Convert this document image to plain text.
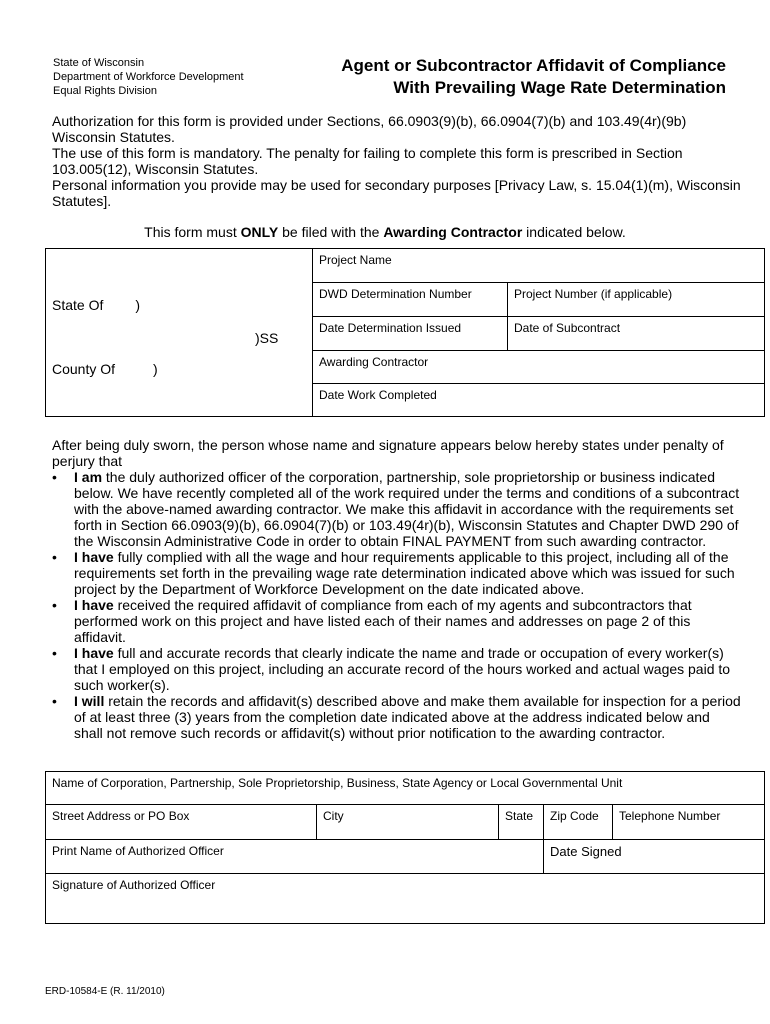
State of Wisconsin
Department of Workforce Development
Equal Rights Division
Agent or Subcontractor Affidavit of Compliance
With Prevailing Wage Rate Determination
Authorization for this form is provided under Sections, 66.0903(9)(b), 66.0904(7)(b) and 103.49(4r)(9b) Wisconsin Statutes.
The use of this form is mandatory. The penalty for failing to complete this form is prescribed in Section 103.005(12), Wisconsin Statutes.
Personal information you provide may be used for secondary purposes [Privacy Law, s. 15.04(1)(m), Wisconsin Statutes].
This form must ONLY be filed with the Awarding Contractor indicated below.
Project Name
DWD Determination Number	Project Number (if applicable)
Date Determination Issued	Date of Subcontract
Awarding Contractor
Date Work Completed
State Of )
)SS
County Of	)
After being duly sworn, the person whose name and signature appears below hereby states under penalty of perjury that
• I am the duly authorized officer of the corporation, partnership, sole proprietorship or business indicated below. We have recently completed all of the work required under the terms and conditions of a subcontract with the above-named awarding contractor. We make this affidavit in accordance with the requirements set forth in Section 66.0903(9)(b), 66.0904(7)(b) or 103.49(4r)(b), Wisconsin Statutes and Chapter DWD 290 of the Wisconsin Administrative Code in order to obtain FINAL PAYMENT from such awarding contractor.
• I have fully complied with all the wage and hour requirements applicable to this project, including all of the requirements set forth in the prevailing wage rate determination indicated above which was issued for such project by the Department of Workforce Development on the date indicated above.
• I have received the required affidavit of compliance from each of my agents and subcontractors that performed work on this project and have listed each of their names and addresses on page 2 of this affidavit.
• I have full and accurate records that clearly indicate the name and trade or occupation of every worker(s) that I employed on this project, including an accurate record of the hours worked and actual wages paid to such worker(s).
• I will retain the records and affidavit(s) described above and make them available for inspection for a period of at least three (3) years from the completion date indicated above at the address indicated below and shall not remove such records or affidavit(s) without prior notification to the awarding contractor.
Name of Corporation, Partnership, Sole Proprietorship, Business, State Agency or Local Governmental Unit
Street Address or PO Box	City	State	Zip Code	Telephone Number
Print Name of Authorized Officer	Date Signed
Signature of Authorized Officer
ERD-10584-E (R. 11/2010)
